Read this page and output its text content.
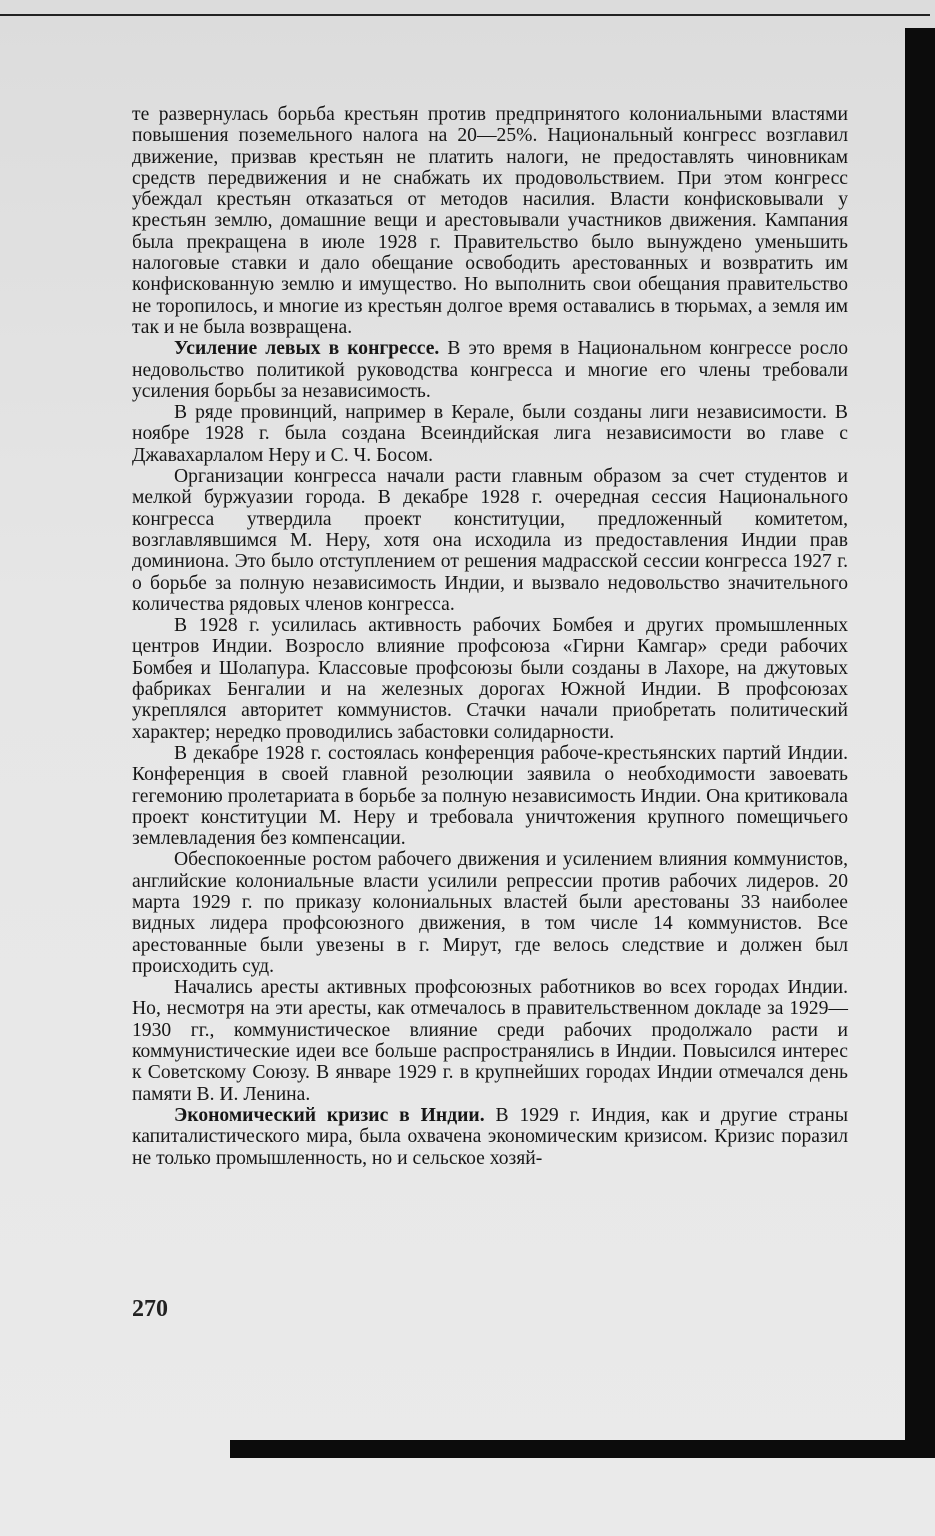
те развернулась борьба крестьян против предпринятого колониальными властями повышения поземельного налога на 20—25%. Национальный конгресс возглавил движение, призвав крестьян не платить налоги, не предоставлять чиновникам средств передвижения и не снабжать их продовольствием. При этом конгресс убеждал крестьян отказаться от методов насилия. Власти конфисковывали у крестьян землю, домашние вещи и арестовывали участников движения. Кампания была прекращена в июле 1928 г. Правительство было вынуждено уменьшить налоговые ставки и дало обещание освободить арестованных и возвратить им конфискованную землю и имущество. Но выполнить свои обещания правительство не торопилось, и многие из крестьян долгое время оставались в тюрьмах, а земля им так и не была возвращена.

Усиление левых в конгрессе. В это время в Национальном конгрессе росло недовольство политикой руководства конгресса и многие его члены требовали усиления борьбы за независимость.

В ряде провинций, например в Керале, были созданы лиги независимости. В ноябре 1928 г. была создана Всеиндийская лига независимости во главе с Джавахарлалом Неру и С. Ч. Босом.

Организации конгресса начали расти главным образом за счет студентов и мелкой буржуазии города. В декабре 1928 г. очередная сессия Национального конгресса утвердила проект конституции, предложенный комитетом, возглавлявшимся М. Неру, хотя она исходила из предоставления Индии прав доминиона. Это было отступлением от решения мадрасской сессии конгресса 1927 г. о борьбе за полную независимость Индии, и вызвало недовольство значительного количества рядовых членов конгресса.

В 1928 г. усилилась активность рабочих Бомбея и других промышленных центров Индии. Возросло влияние профсоюза «Гирни Камгар» среди рабочих Бомбея и Шолапура. Классовые профсоюзы были созданы в Лахоре, на джутовых фабриках Бенгалии и на железных дорогах Южной Индии. В профсоюзах укреплялся авторитет коммунистов. Стачки начали приобретать политический характер; нередко проводились забастовки солидарности.

В декабре 1928 г. состоялась конференция рабоче-крестьянских партий Индии. Конференция в своей главной резолюции заявила о необходимости завоевать гегемонию пролетариата в борьбе за полную независимость Индии. Она критиковала проект конституции М. Неру и требовала уничтожения крупного помещичьего землевладения без компенсации.

Обеспокоенные ростом рабочего движения и усилением влияния коммунистов, английские колониальные власти усилили репрессии против рабочих лидеров. 20 марта 1929 г. по приказу колониальных властей были арестованы 33 наиболее видных лидера профсоюзного движения, в том числе 14 коммунистов. Все арестованные были увезены в г. Мирут, где велось следствие и должен был происходить суд.

Начались аресты активных профсоюзных работников во всех городах Индии. Но, несмотря на эти аресты, как отмечалось в правительственном докладе за 1929—1930 гг., коммунистическое влияние среди рабочих продолжало расти и коммунистические идеи все больше распространялись в Индии. Повысился интерес к Советскому Союзу. В январе 1929 г. в крупнейших городах Индии отмечался день памяти В. И. Ленина.

Экономический кризис в Индии. В 1929 г. Индия, как и другие страны капиталистического мира, была охвачена экономическим кризисом. Кризис поразил не только промышленность, но и сельское хозяй-

270
